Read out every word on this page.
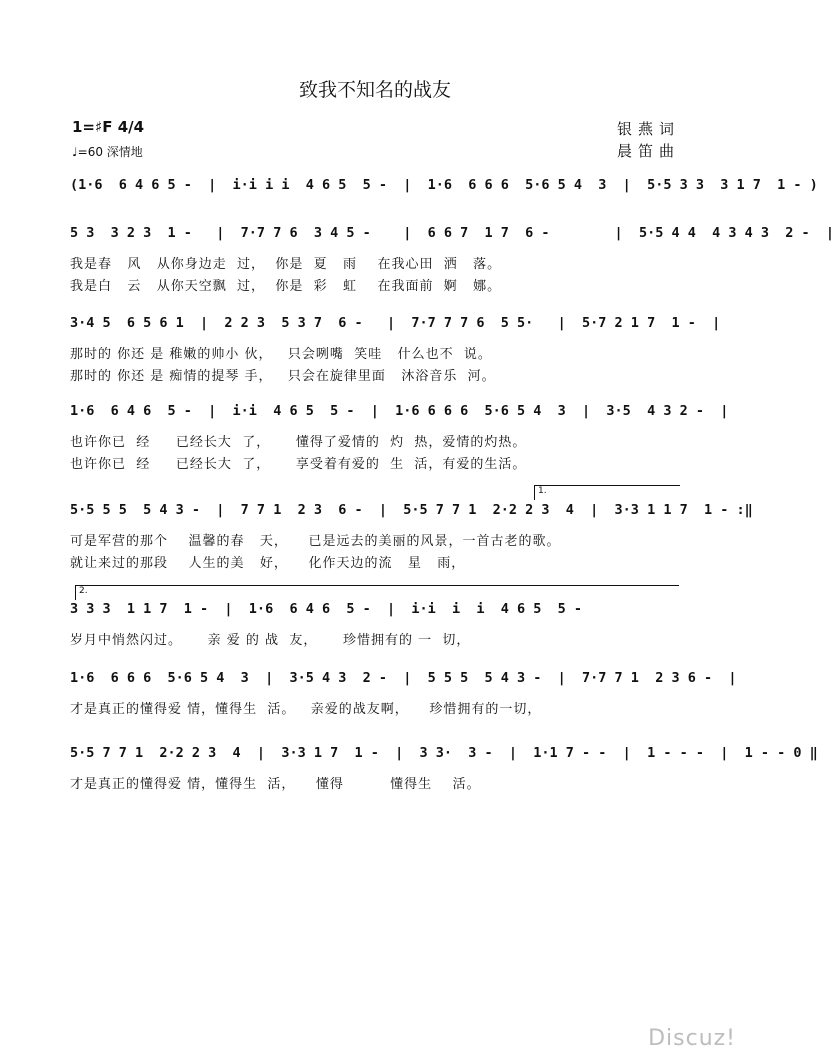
致我不知名的战友
1=♯F 4/4
♩=60 深情地
银燕词
晨笛曲
(1·6  6 4 6 5 -  |  i·i i i  4 6 5  5 -  |  1·6  6 6 6  5·6 5 4  3  |  5·5 3 3  3 1 7  1 - )
5 3  3 2 3  1 -   |  7·7 7 6  3 4 5 -    |  6 6 7  1 7  6 -        |  5·5 4 4  4 3 4 3  2 -  |
我是春   风   从你身边走  过，  你是  夏   雨    在我心田  洒   落。
我是白   云   从你天空飘  过，  你是  彩   虹    在我面前  婀   娜。
3·4 5  6 5 6 1  |  2 2 3  5 3 7  6 -   |  7·7 7 7 6  5 5·   |  5·7 2 1 7  1 -  |
那时的 你还 是 稚嫩的帅小 伙，   只会咧嘴  笑哇   什么也不  说。
那时的 你还 是 痴情的提琴 手，   只会在旋律里面   沐浴音乐  河。
1·6  6 4 6  5 -  |  i·i  4 6 5  5 -  |  1·6 6 6 6  5·6 5 4  3  |  3·5  4 3 2 -  |
也许你已  经     已经长大  了，     懂得了爱情的  灼  热，爱情的灼热。
也许你已  经     已经长大  了，     享受着有爱的  生  活，有爱的生活。
5·5 5 5  5 4 3 -  |  7 7 1  2 3  6 -  |  5·5 7 7 1  2·2 2 3  4  |  3·3 1 1 7  1 - :‖
可是军营的那个    温馨的春   天，    已是远去的美丽的风景，一首古老的歌。
就让来过的那段    人生的美   好，    化作天边的流   星   雨，
3 3 3  1 1 7  1 -  |  1·6  6 4 6  5 -  |  i·i  i  i  4 6 5  5 -
岁月中悄然闪过。     亲 爱 的 战  友，     珍惜拥有的 一  切，
1·6  6 6 6  5·6 5 4  3  |  3·5 4 3  2 -  |  5 5 5  5 4 3 -  |  7·7 7 1  2 3 6 -  |
才是真正的懂得爱 情，懂得生  活。   亲爱的战友啊，    珍惜拥有的一切，
5·5 7 7 1  2·2 2 3  4  |  3·3 1 7  1 -  |  3 3·  3 -  |  1·1 7 - -  |  1 - - -  |  1 - - 0 ‖
才是真正的懂得爱 情，懂得生  活，    懂得         懂得生    活。
1.
2.
Discuz!
